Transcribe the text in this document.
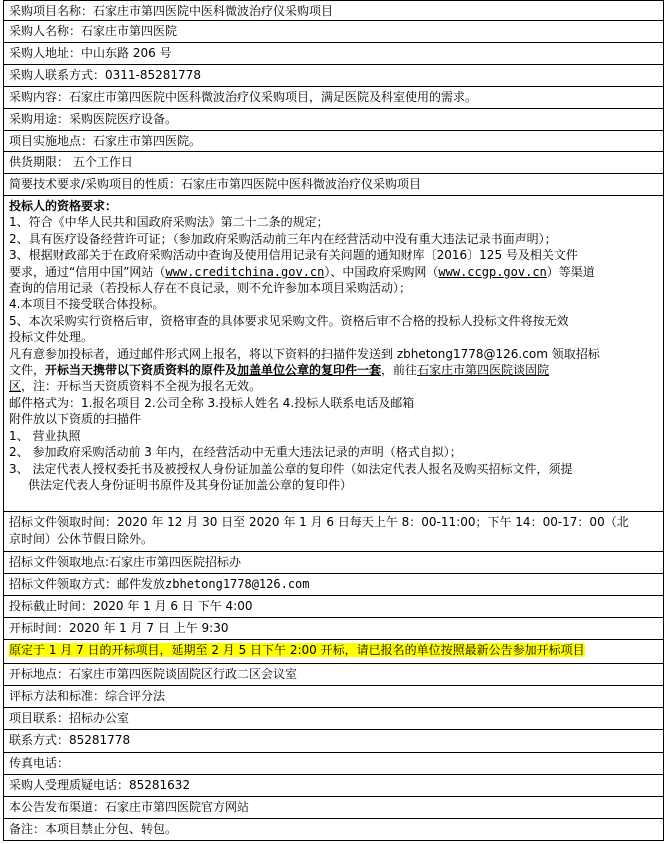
采购项目名称：石家庄市第四医院中医科微波治疗仪采购项目
采购人名称：石家庄市第四医院
采购人地址：中山东路 206 号
采购人联系方式：0311-85281778
采购内容：石家庄市第四医院中医科微波治疗仪采购项目，满足医院及科室使用的需求。
采购用途：采购医院医疗设备。
项目实施地点：石家庄市第四医院。
供货期限： 五个工作日
简要技术要求/采购项目的性质：石家庄市第四医院中医科微波治疗仪采购项目
投标人的资格要求：
1、符合《中华人民共和国政府采购法》第二十二条的规定；
2、具有医疗设备经营许可证；（参加政府采购活动前三年内在经营活动中没有重大违法记录书面声明）；
3、根据财政部关于在政府采购活动中查询及使用信用记录有关问题的通知财库〔2016〕125 号及相关文件
要求，通过“信用中国”网站（www.creditchina.gov.cn）、中国政府采购网（www.ccgp.gov.cn）等渠道
查询的信用记录（若投标人存在不良记录，则不允许参加本项目采购活动）；
4.本项目不接受联合体投标。
5、本次采购实行资格后审，资格审查的具体要求见采购文件。资格后审不合格的投标人投标文件将按无效
投标文件处理。
凡有意参加投标者，通过邮件形式网上报名，将以下资料的扫描件发送到 zbhetong1778@126.com 领取招标
文件，开标当天携带以下资质资料的原件及加盖单位公章的复印件一套，前往石家庄市第四医院谈固院
区，注：开标当天资质资料不全视为报名无效。
邮件格式为：1.报名项目 2.公司全称 3.投标人姓名 4.投标人联系电话及邮箱
附件放以下资质的扫描件
1、 营业执照
2、 参加政府采购活动前 3 年内，在经营活动中无重大违法记录的声明（格式自拟）；
3、 法定代表人授权委托书及被授权人身份证加盖公章的复印件（如法定代表人报名及购买招标文件，须提
供法定代表人身份证明书原件及其身份证加盖公章的复印件）
招标文件领取时间：2020 年 12 月 30 日至 2020 年 1 月 6 日每天上午 8：00-11:00；下午 14：00-17：00（北
京时间）公休节假日除外。
招标文件领取地点:石家庄市第四医院招标办
招标文件领取方式：邮件发放zbhetong1778@126.com
投标截止时间：2020 年 1 月 6 日 下午 4:00
开标时间：2020 年 1 月 7 日 上午 9:30
原定于 1 月 7 日的开标项目，延期至 2 月 5 日下午 2:00 开标，请已报名的单位按照最新公告参加开标项目
开标地点：石家庄市第四医院谈固院区行政二区会议室
评标方法和标准：综合评分法
项目联系：招标办公室
联系方式：85281778
传真电话：
采购人受理质疑电话：85281632
本公告发布渠道：石家庄市第四医院官方网站
备注：本项目禁止分包、转包。
